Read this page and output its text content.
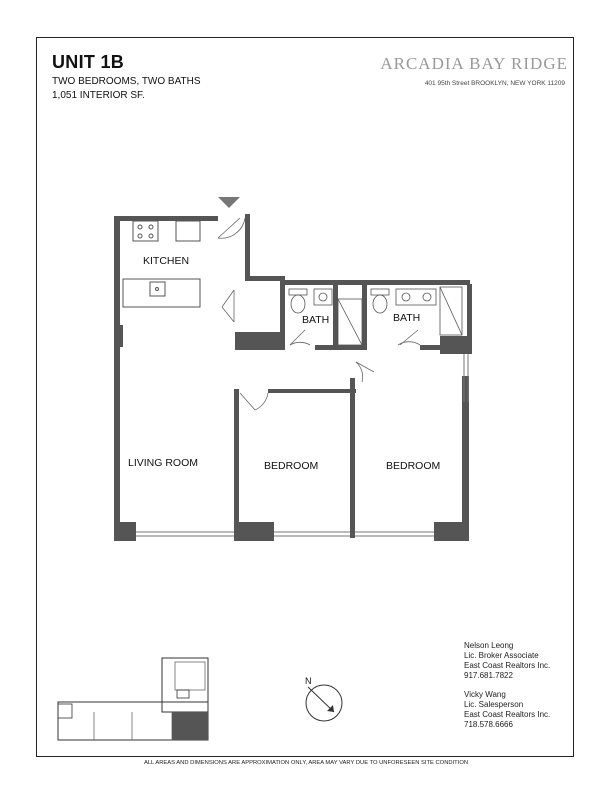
UNIT 1B
TWO BEDROOMS, TWO BATHS
1,051 INTERIOR SF.
ARCADIA BAY RIDGE
401 95th Street BROOKLYN, NEW YORK 11209
KITCHEN
BATH	BATH
LIVING ROOM	BEDROOM	BEDROOM
N
Nelson Leong
Lic. Broker Associate
East Coast Realtors Inc.
917.681.7822
Vicky Wang
Lic. Salesperson
East Coast Realtors Inc.
718.578.6666
ALL AREAS AND DIMENSIONS ARE APPROXIMATION ONLY, AREA MAY VARY DUE TO UNFORESEEN SITE CONDITION
